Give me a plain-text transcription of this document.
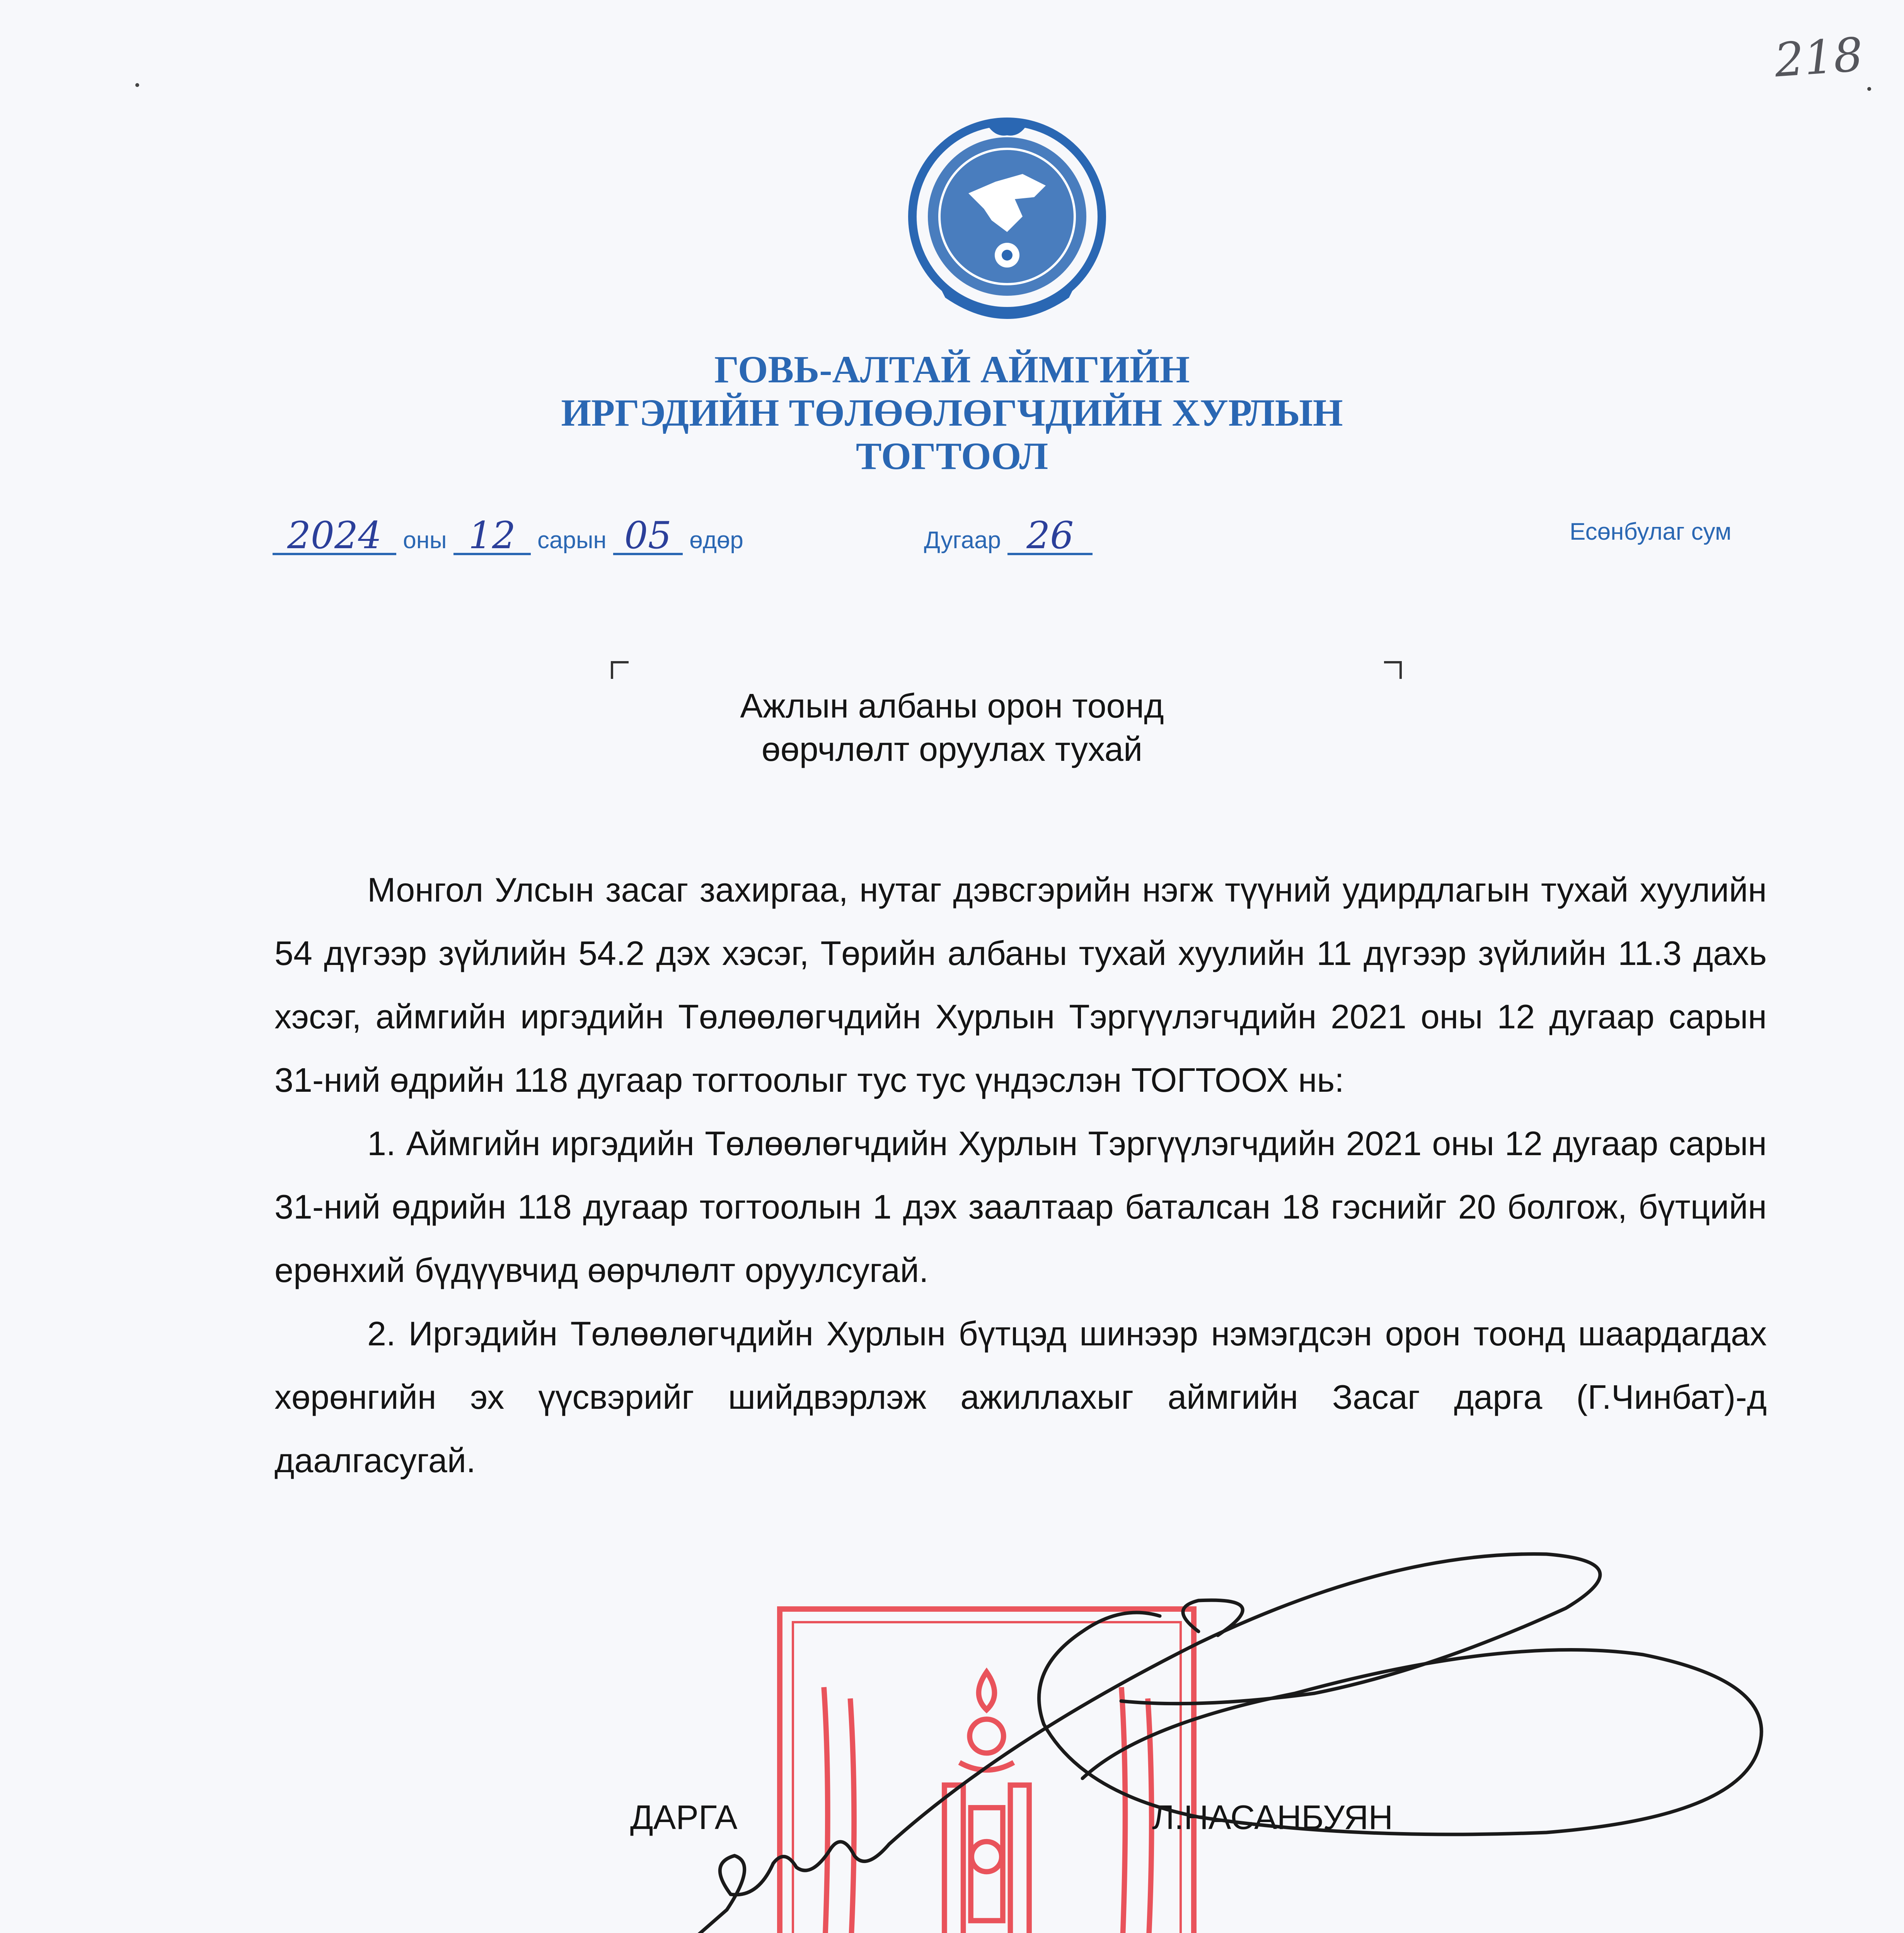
218
ГОВЬ-АЛТАЙ АЙМГИЙН
ИРГЭДИЙН ТӨЛӨӨЛӨГЧДИЙН ХУРЛЫН
ТОГТООЛ
2024 оны 12 сарын 05 өдөр	Дугаар 26	Есөнбулаг сум
Ажлын албаны орон тоонд
өөрчлөлт оруулах тухай

Монгол Улсын засаг захиргаа, нутаг дэвсгэрийн нэгж түүний удирдлагын тухай хуулийн 54 дүгээр зүйлийн 54.2 дэх хэсэг, Төрийн албаны тухай хуулийн 11 дүгээр зүйлийн 11.3 дахь хэсэг, аймгийн иргэдийн Төлөөлөгчдийн Хурлын Тэргүүлэгчдийн 2021 оны 12 дугаар сарын 31-ний өдрийн 118 дугаар тогтоолыг тус тус үндэслэн ТОГТООХ нь:

1. Аймгийн иргэдийн Төлөөлөгчдийн Хурлын Тэргүүлэгчдийн 2021 оны 12 дугаар сарын 31-ний өдрийн 118 дугаар тогтоолын 1 дэх заалтаар баталсан 18 гэснийг 20 болгож, бүтцийн ерөнхий бүдүүвчид өөрчлөлт оруулсугай.

2. Иргэдийн Төлөөлөгчдийн Хурлын бүтцэд шинээр нэмэгдсэн орон тоонд шаардагдах хөрөнгийн эх үүсвэрийг шийдвэрлэж ажиллахыг аймгийн Засаг дарга (Г.Чинбат)-д даалгасугай.

ДАРГА	Л.НАСАНБУЯН
